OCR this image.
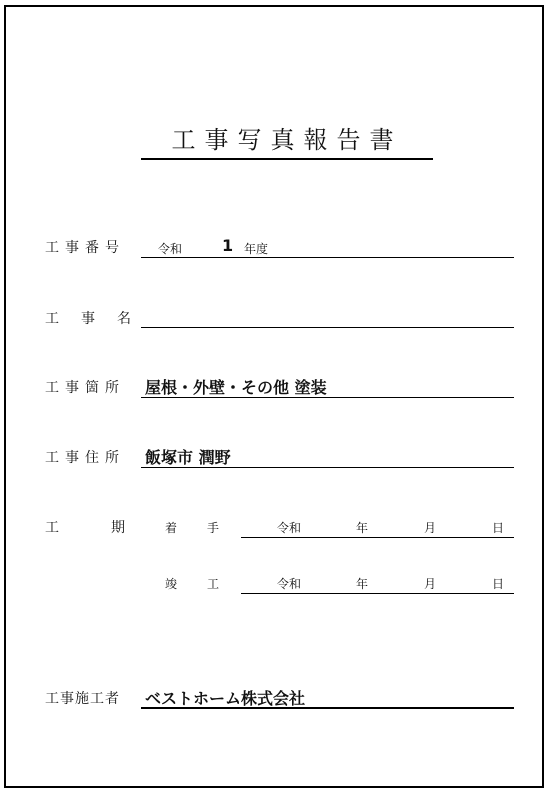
工事写真報告書
工事番号	令和 1 年度
工　事　名
工事箇所 屋根・外壁・その他 塗装
工事住所 飯塚市 潤野
工　　期	着手 令和	年	月	日
竣工 令和	年	月	日
工事施工者 ベストホーム株式会社
